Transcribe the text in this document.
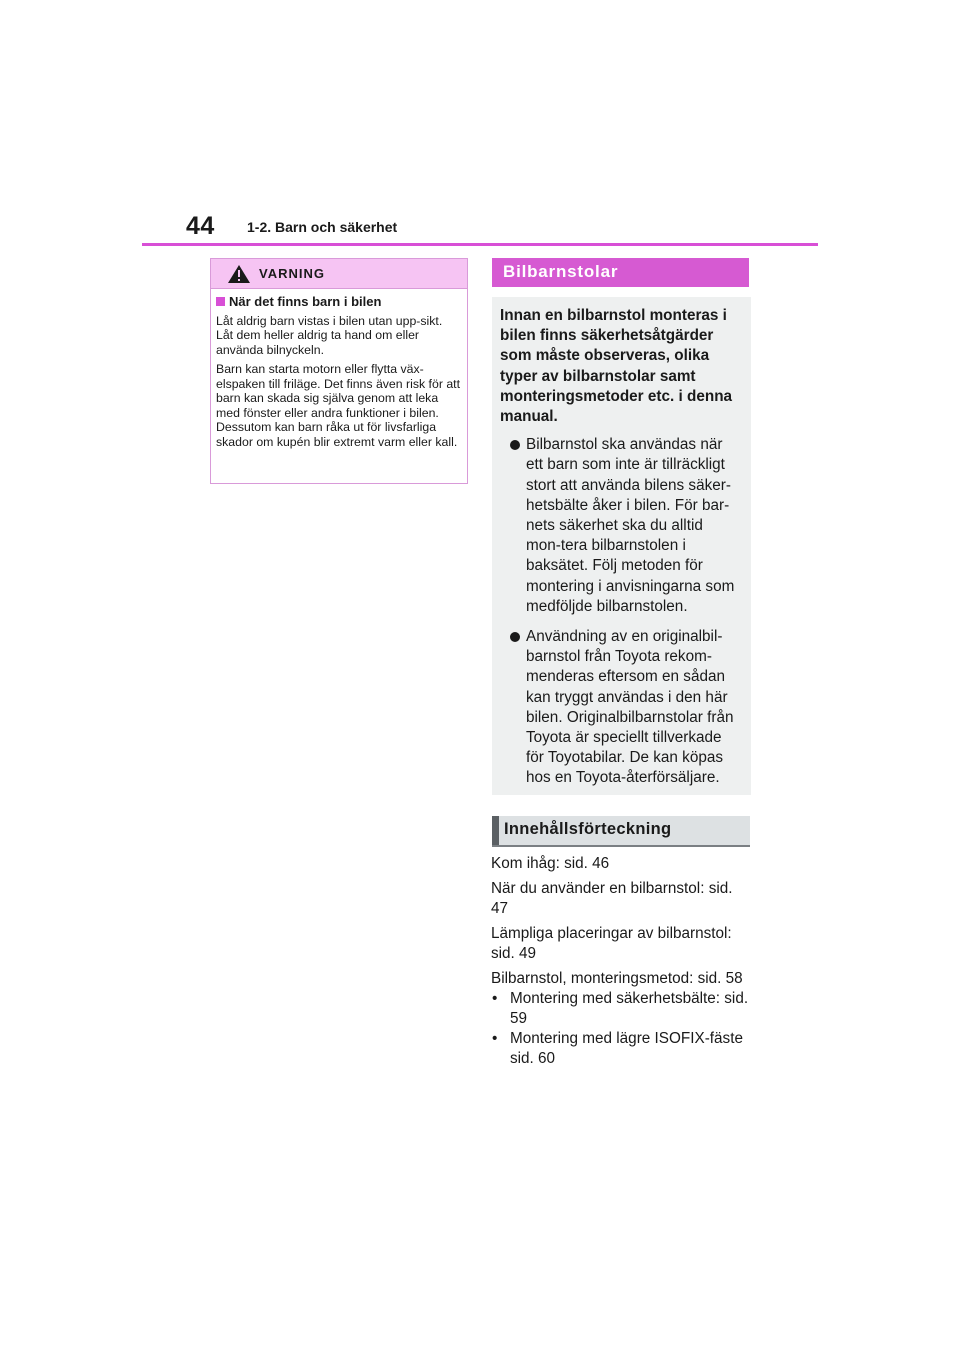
44 1-2. Barn och säkerhet
VARNING
När det finns barn i bilen

Låt aldrig barn vistas i bilen utan upp-sikt. Låt dem heller aldrig ta hand om eller använda bilnyckeln.

Barn kan starta motorn eller flytta väx-elspaken till friläge. Det finns även risk för att barn kan skada sig själva genom att leka med fönster eller andra funktioner i bilen. Dessutom kan barn råka ut för livsfarliga skador om kupén blir extremt varm eller kall.

Bilbarnstolar

Innan en bilbarnstol monteras i bilen finns säkerhetsåtgärder som måste observeras, olika typer av bilbarnstolar samt monteringsmetoder etc. i denna manual.

Bilbarnstol ska användas när ett barn som inte är tillräckligt stort att använda bilens säker-hetsbälte åker i bilen. För bar-nets säkerhet ska du alltid mon-tera bilbarnstolen i baksätet. Följ metoden för montering i anvisningarna som medföljde bilbarnstolen.
Användning av en originalbil-barnstol från Toyota rekom-menderas eftersom en sådan kan tryggt användas i den här bilen. Originalbilbarnstolar från Toyota är speciellt tillverkade för Toyotabilar. De kan köpas hos en Toyota-återförsäljare.
Innehållsförteckning

Kom ihåg: sid. 46

När du använder en bilbarnstol: sid. 47

Lämpliga placeringar av bilbarnstol: sid. 49

Bilbarnstol, monteringsmetod: sid. 58

• Montering med säkerhetsbälte: sid. 59
• Montering med lägre ISOFIX-fäste sid. 60
